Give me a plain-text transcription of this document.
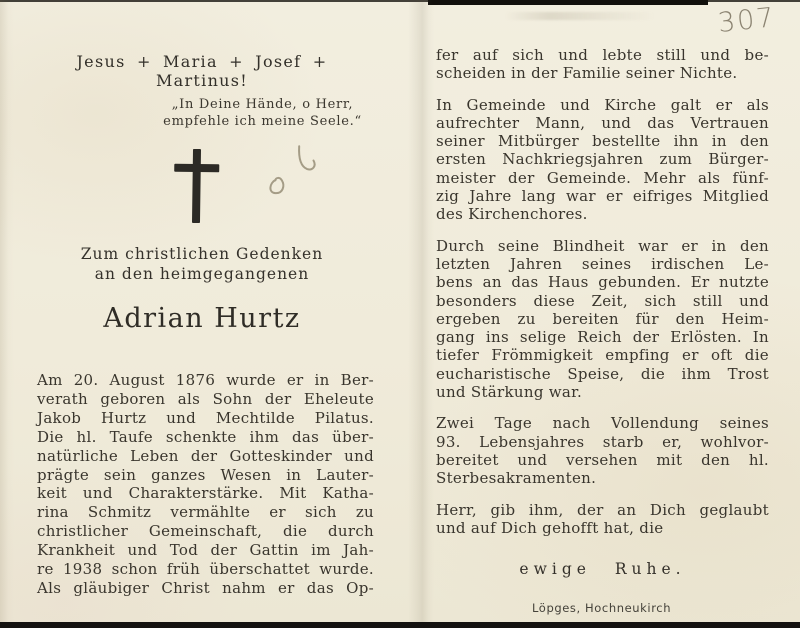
Jesus + Maria + Josef + Martinus!
„In Deine Hände, o Herr,
empfehle ich meine Seele.“
Zum christlichen Gedenken
an den heimgegangenen
Adrian Hurtz
Am 20. August 1876 wurde er in Ber-
verath geboren als Sohn der Eheleute
Jakob Hurtz und Mechtilde Pilatus.
Die hl. Taufe schenkte ihm das über-
natürliche Leben der Gotteskinder und
prägte sein ganzes Wesen in Lauter-
keit und Charakterstärke. Mit Katha-
rina Schmitz vermählte er sich zu
christlicher Gemeinschaft, die durch
Krankheit und Tod der Gattin im Jah-
re 1938 schon früh überschattet wurde.
Als gläubiger Christ nahm er das Op-
fer auf sich und lebte still und be-
scheiden in der Familie seiner Nichte.
In Gemeinde und Kirche galt er als
aufrechter Mann, und das Vertrauen
seiner Mitbürger bestellte ihn in den
ersten Nachkriegsjahren zum Bürger-
meister der Gemeinde. Mehr als fünf-
zig Jahre lang war er eifriges Mitglied
des Kirchenchores.
Durch seine Blindheit war er in den
letzten Jahren seines irdischen Le-
bens an das Haus gebunden. Er nutzte
besonders diese Zeit, sich still und
ergeben zu bereiten für den Heim-
gang ins selige Reich der Erlösten. In
tiefer Frömmigkeit empfing er oft die
eucharistische Speise, die ihm Trost
und Stärkung war.
Zwei Tage nach Vollendung seines
93. Lebensjahres starb er, wohlvor-
bereitet und versehen mit den hl.
Sterbesakramenten.
Herr, gib ihm, der an Dich geglaubt
und auf Dich gehofft hat, die
ewige Ruhe.
Löpges, Hochneukirch
307
